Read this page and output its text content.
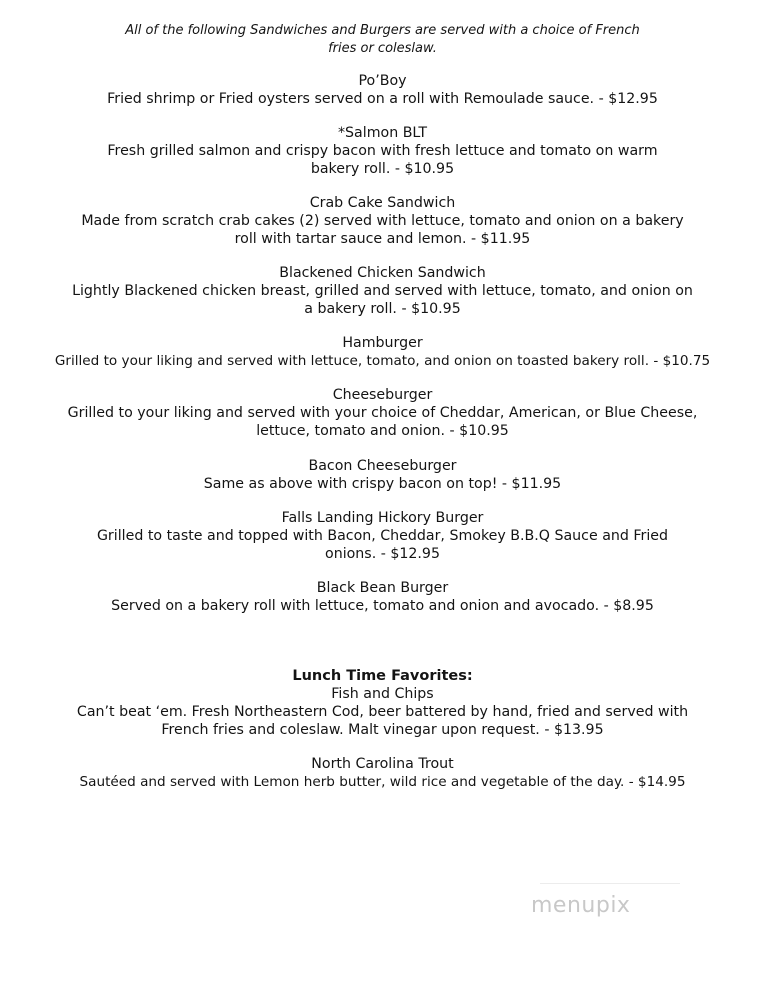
All of the following Sandwiches and Burgers are served with a choice of French
fries or coleslaw.
Po’Boy
Fried shrimp or Fried oysters served on a roll with Remoulade sauce. - $12.95
*Salmon BLT
Fresh grilled salmon and crispy bacon with fresh lettuce and tomato on warm bakery roll. - $10.95
Crab Cake Sandwich
Made from scratch crab cakes (2) served with lettuce, tomato and onion on a bakery roll with tartar sauce and lemon. - $11.95
Blackened Chicken Sandwich
Lightly Blackened chicken breast, grilled and served with lettuce, tomato, and onion on a bakery roll. - $10.95
Hamburger
Grilled to your liking and served with lettuce, tomato, and onion on toasted bakery roll. - $10.75
Cheeseburger
Grilled to your liking and served with your choice of Cheddar, American, or Blue Cheese, lettuce, tomato and onion. - $10.95
Bacon Cheeseburger
Same as above with crispy bacon on top! - $11.95
Falls Landing Hickory Burger
Grilled to taste and topped with Bacon, Cheddar, Smokey B.B.Q Sauce and Fried onions. - $12.95
Black Bean Burger
Served on a bakery roll with lettuce, tomato and onion and avocado. - $8.95
Lunch Time Favorites:
Fish and Chips
Can’t beat ‘em. Fresh Northeastern Cod, beer battered by hand, fried and served with French fries and coleslaw. Malt vinegar upon request. - $13.95
North Carolina Trout
Sautéed and served with Lemon herb butter, wild rice and vegetable of the day. - $14.95
menupix
